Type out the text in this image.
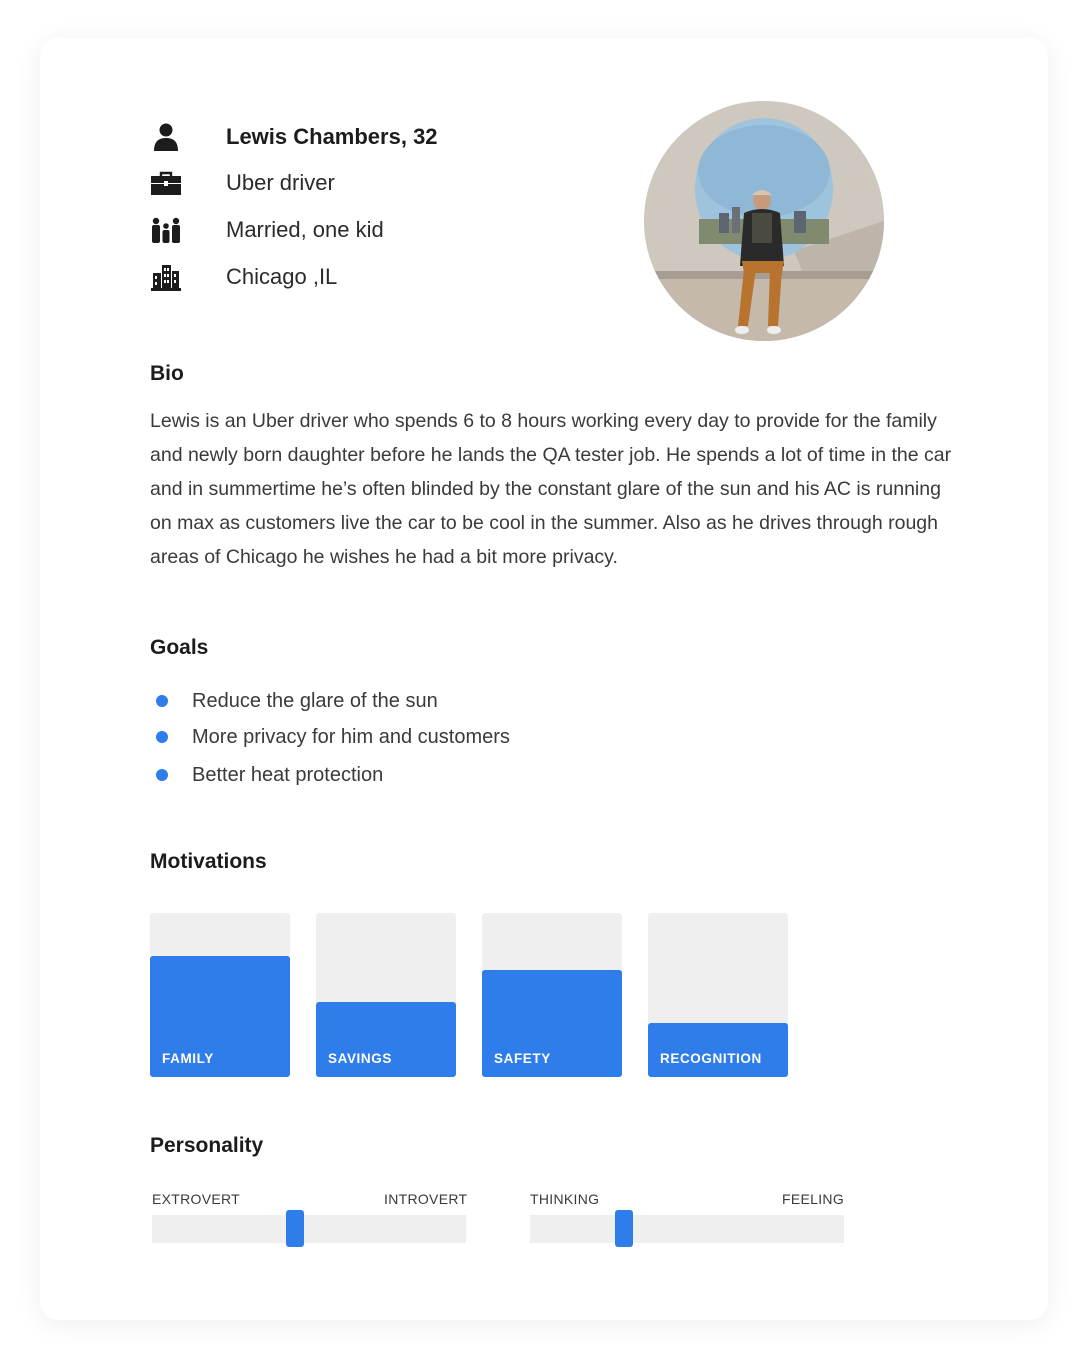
Lewis Chambers, 32
Uber driver
Married, one kid
Chicago ,IL
Bio
Lewis is an Uber driver who spends 6 to 8 hours working every day to provide for the family and newly born daughter before he lands the QA tester job. He spends a lot of time in the car and in summertime he’s often blinded by the constant glare of the sun and his AC is running on max as customers live the car to be cool in the summer. Also as he drives through rough areas of Chicago he wishes he had a bit more privacy.
Goals
Reduce the glare of the sun
More privacy for him and customers
Better heat protection
Motivations
FAMILY	SAVINGS	SAFETY	RECOGNITION
Personality
EXTROVERT	INTROVERT	THINKING	FEELING
